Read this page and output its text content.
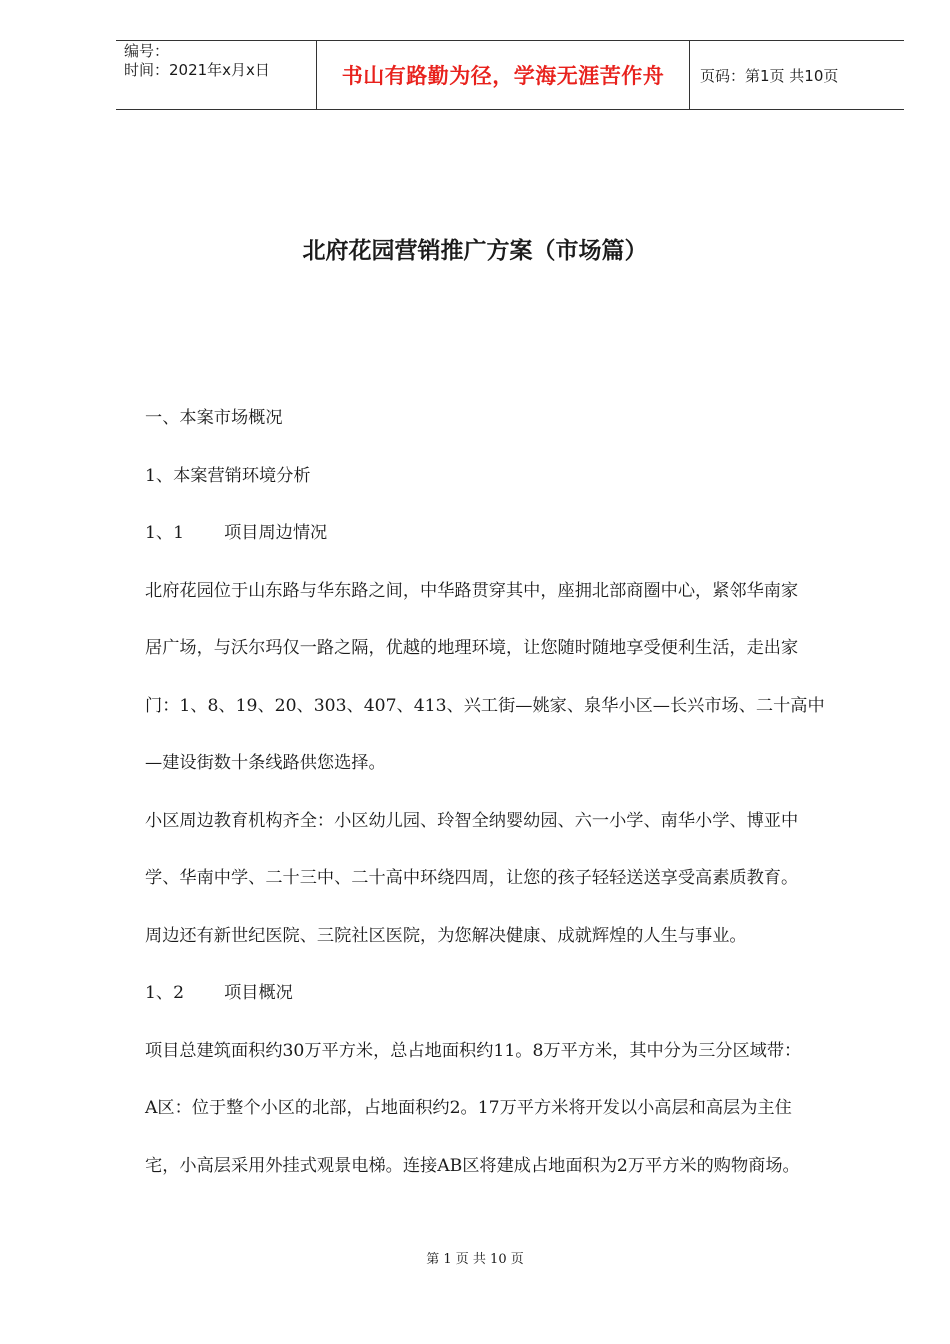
编号：
时间：2021年x月x日	书山有路勤为径，学海无涯苦作舟 页码：第1页 共10页
北府花园营销推广方案（市场篇）
一、本案市场概况
1、本案营销环境分析
1、1 项目周边情况
北府花园位于山东路与华东路之间，中华路贯穿其中，座拥北部商圈中心，紧邻华南家
居广场，与沃尔玛仅一路之隔，优越的地理环境，让您随时随地享受便利生活，走出家
门：1、8、19、20、303、407、413、兴工街—姚家、泉华小区—长兴市场、二十高中
—建设街数十条线路供您选择。
小区周边教育机构齐全：小区幼儿园、玲智全纳婴幼园、六一小学、南华小学、博亚中
学、华南中学、二十三中、二十高中环绕四周，让您的孩子轻轻送送享受高素质教育。
周边还有新世纪医院、三院社区医院，为您解决健康、成就辉煌的人生与事业。
1、2 项目概况
项目总建筑面积约30万平方米，总占地面积约11。8万平方米，其中分为三分区域带：
A区：位于整个小区的北部，占地面积约2。17万平方米将开发以小高层和高层为主住
宅，小高层采用外挂式观景电梯。连接AB区将建成占地面积为2万平方米的购物商场。
第 1 页 共 10 页
